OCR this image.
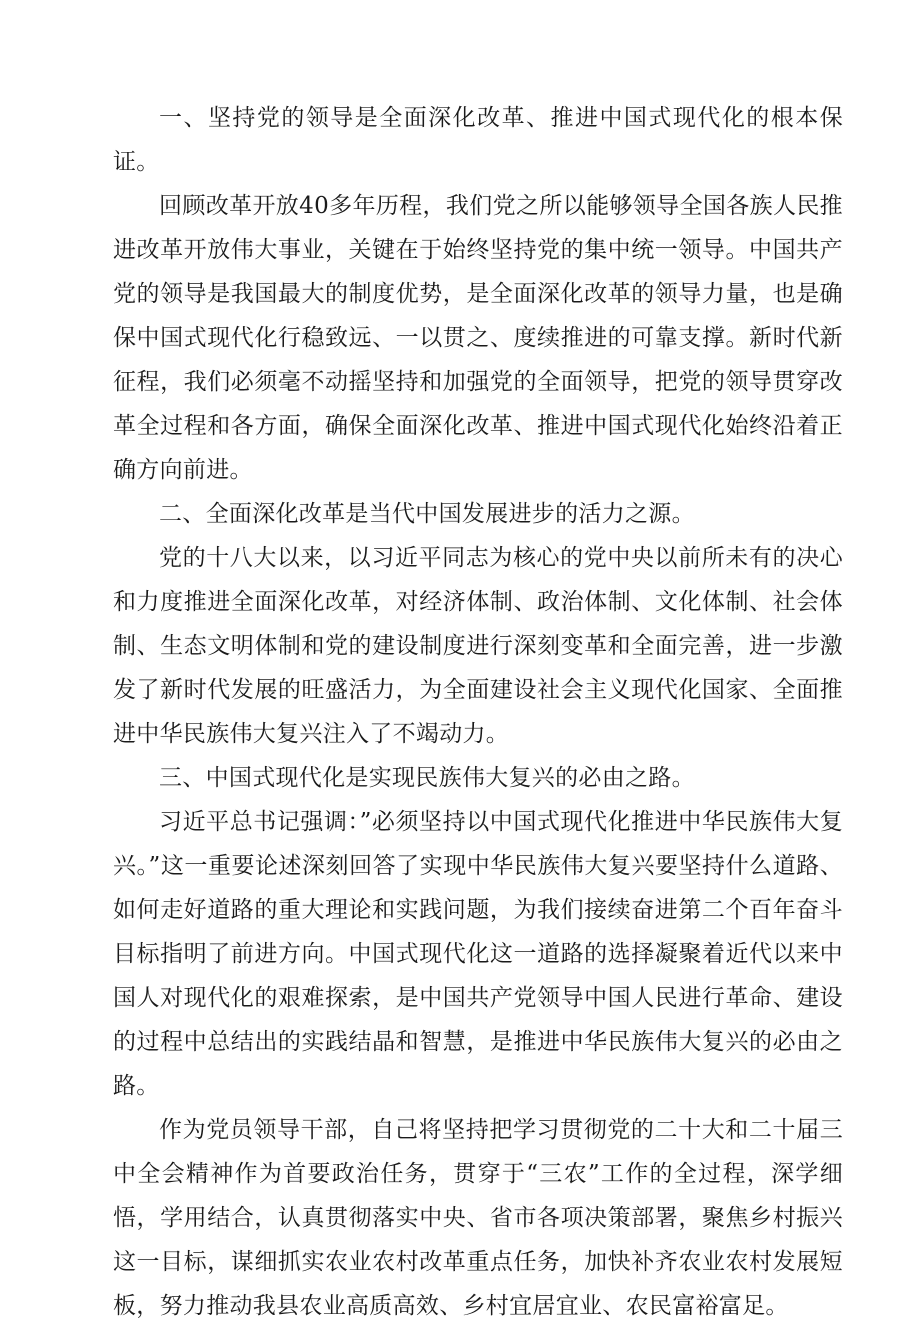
一、坚持党的领导是全面深化改革、推进中国式现代化的根本保证。

回顾改革开放40多年历程，我们党之所以能够领导全国各族人民推进改革开放伟大事业，关键在于始终坚持党的集中统一领导。中国共产党的领导是我国最大的制度优势，是全面深化改革的领导力量，也是确保中国式现代化行稳致远、一以贯之、度续推进的可靠支撑。新时代新征程，我们必须毫不动摇坚持和加强党的全面领导，把党的领导贯穿改革全过程和各方面，确保全面深化改革、推进中国式现代化始终沿着正确方向前进。

二、全面深化改革是当代中国发展进步的活力之源。

党的十八大以来，以习近平同志为核心的党中央以前所未有的决心和力度推进全面深化改革，对经济体制、政治体制、文化体制、社会体制、生态文明体制和党的建设制度进行深刻变革和全面完善，进一步激发了新时代发展的旺盛活力，为全面建设社会主义现代化国家、全面推进中华民族伟大复兴注入了不竭动力。

三、中国式现代化是实现民族伟大复兴的必由之路。

习近平总书记强调：”必须坚持以中国式现代化推进中华民族伟大复兴。”这一重要论述深刻回答了实现中华民族伟大复兴要坚持什么道路、如何走好道路的重大理论和实践问题，为我们接续奋进第二个百年奋斗目标指明了前进方向。中国式现代化这一道路的选择凝聚着近代以来中国人对现代化的艰难探索，是中国共产党领导中国人民进行革命、建设的过程中总结出的实践结晶和智慧，是推进中华民族伟大复兴的必由之路。

作为党员领导干部，自己将坚持把学习贯彻党的二十大和二十届三中全会精神作为首要政治任务，贯穿于“三农”工作的全过程，深学细悟，学用结合，认真贯彻落实中央、省市各项决策部署，聚焦乡村振兴这一目标，谋细抓实农业农村改革重点任务，加快补齐农业农村发展短板，努力推动我县农业高质高效、乡村宜居宜业、农民富裕富足。
